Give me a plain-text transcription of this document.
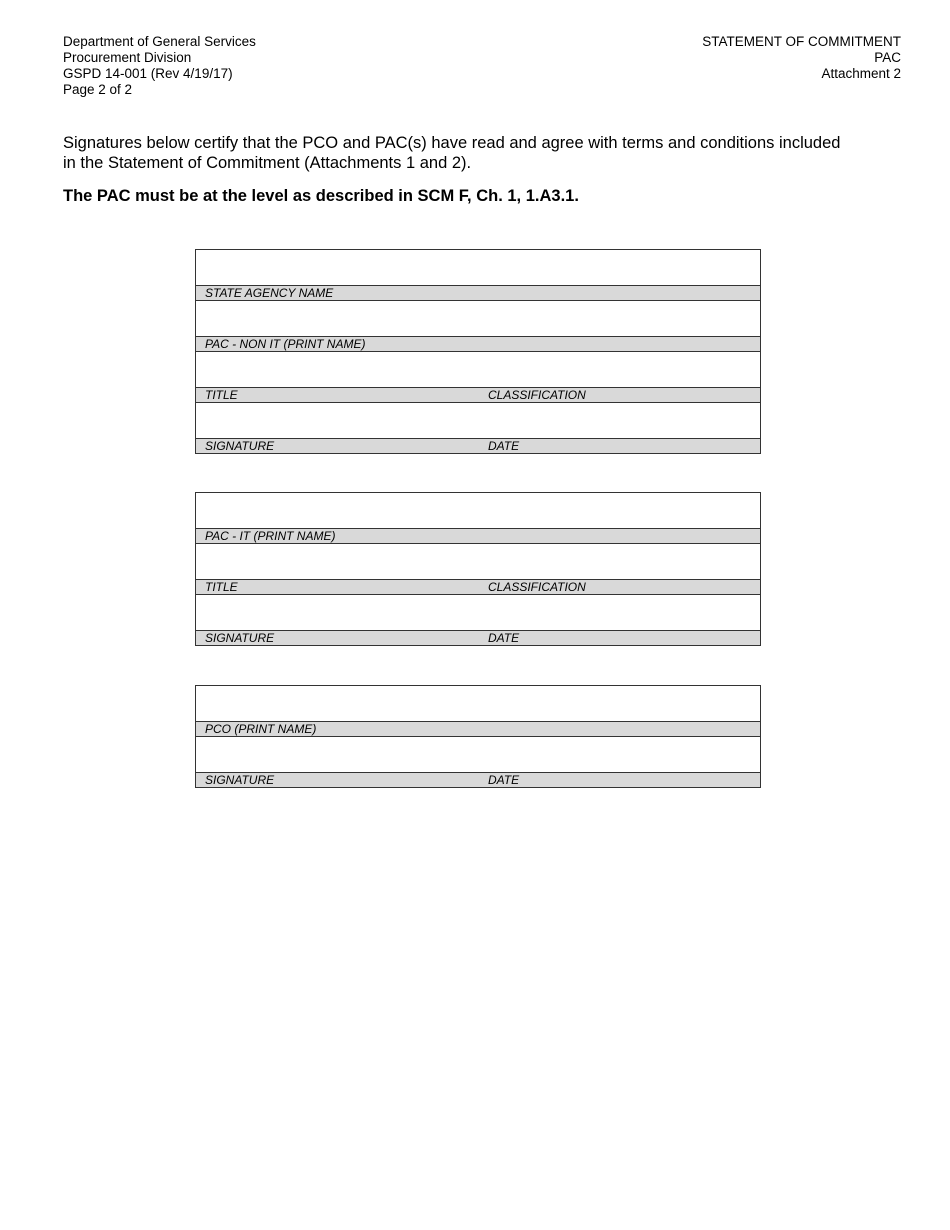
Department of General Services
Procurement Division
GSPD 14-001 (Rev 4/19/17)
Page 2 of 2
STATEMENT OF COMMITMENT
PAC
Attachment 2

Signatures below certify that the PCO and PAC(s) have read and agree with terms and conditions included

in the Statement of Commitment (Attachments 1 and 2).

The PAC must be at the level as described in SCM F, Ch. 1, 1.A3.1.
STATE AGENCY NAME
PAC - NON IT (PRINT NAME)
TITLE	CLASSIFICATION
SIGNATURE	DATE
PAC - IT (PRINT NAME)
TITLE	CLASSIFICATION
SIGNATURE	DATE
PCO (PRINT NAME)
SIGNATURE	DATE
